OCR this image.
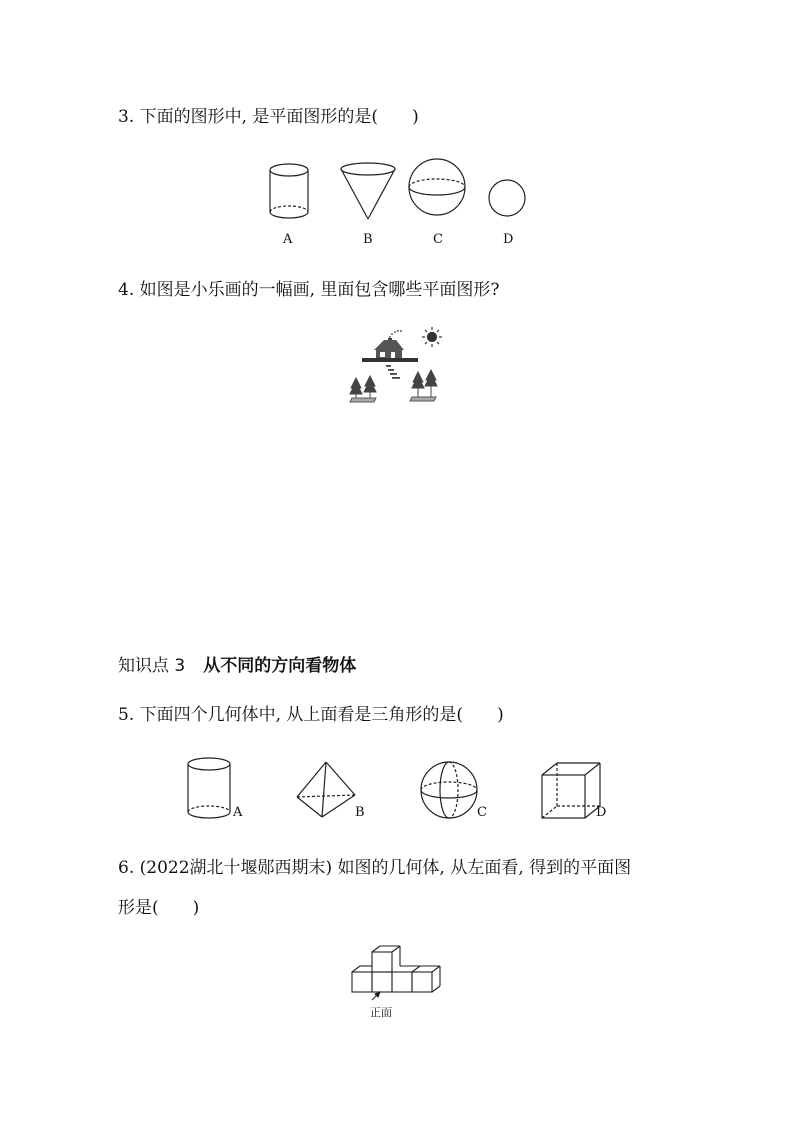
3. 下面的图形中, 是平面图形的是(　　)
A	B	C	D
4. 如图是小乐画的一幅画, 里面包含哪些平面图形?
知识点 3 从不同的方向看物体
5. 下面四个几何体中, 从上面看是三角形的是(　　)
A	B	C	D
6. (2022湖北十堰郧西期末) 如图的几何体, 从左面看, 得到的平面图
形是(　　)
正面
